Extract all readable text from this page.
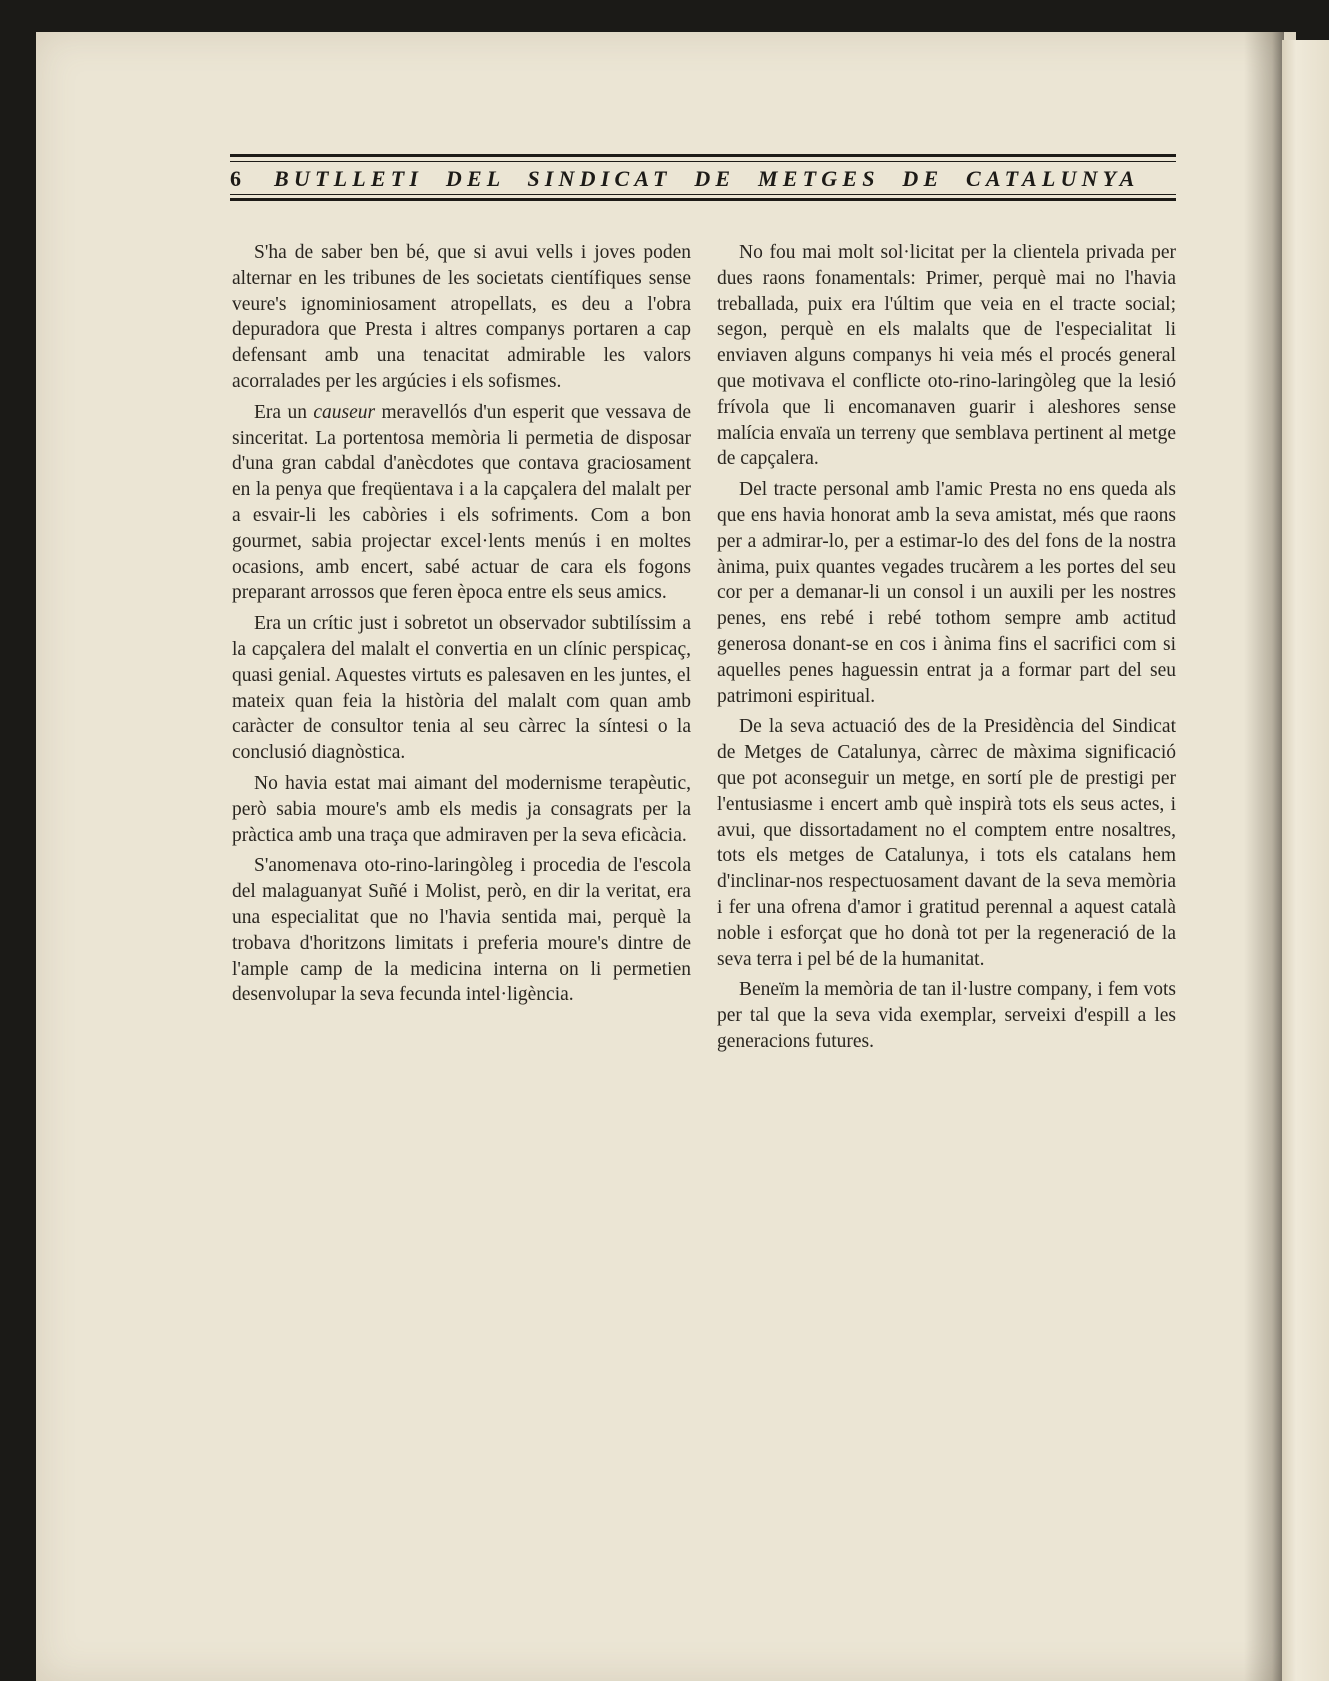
6	BUTLLETI DEL SINDICAT DE METGES DE CATALUNYA

S'ha de saber ben bé, que si avui vells i joves poden alternar en les tribunes de les societats científiques sense veure's ignominiosament atropellats, es deu a l'obra depuradora que Presta i altres companys portaren a cap defensant amb una tenacitat admirable les valors acorralades per les argúcies i els sofismes.

Era un causeur meravellós d'un esperit que vessava de sinceritat. La portentosa memòria li permetia de disposar d'una gran cabdal d'anècdotes que contava graciosament en la penya que freqüentava i a la capçalera del malalt per a esvair-li les cabòries i els sofriments. Com a bon gourmet, sabia projectar excel·lents menús i en moltes ocasions, amb encert, sabé actuar de cara els fogons preparant arrossos que feren època entre els seus amics.

Era un crític just i sobretot un observador subtilíssim a la capçalera del malalt el convertia en un clínic perspicaç, quasi genial. Aquestes virtuts es palesaven en les juntes, el mateix quan feia la història del malalt com quan amb caràcter de consultor tenia al seu càrrec la síntesi o la conclusió diagnòstica.

No havia estat mai aimant del modernisme terapèutic, però sabia moure's amb els medis ja consagrats per la pràctica amb una traça que admiraven per la seva eficàcia.

S'anomenava oto-rino-laringòleg i procedia de l'escola del malaguanyat Suñé i Molist, però, en dir la veritat, era una especialitat que no l'havia sentida mai, perquè la trobava d'horitzons limitats i preferia moure's dintre de l'ample camp de la medicina interna on li permetien desenvolupar la seva fecunda intel·ligència.

No fou mai molt sol·licitat per la clientela privada per dues raons fonamentals: Primer, perquè mai no l'havia treballada, puix era l'últim que veia en el tracte social; segon, perquè en els malalts que de l'especialitat li enviaven alguns companys hi veia més el procés general que motivava el conflicte oto-rino-laringòleg que la lesió frívola que li encomanaven guarir i aleshores sense malícia envaïa un terreny que semblava pertinent al metge de capçalera.

Del tracte personal amb l'amic Presta no ens queda als que ens havia honorat amb la seva amistat, més que raons per a admirar-lo, per a estimar-lo des del fons de la nostra ànima, puix quantes vegades trucàrem a les portes del seu cor per a demanar-li un consol i un auxili per les nostres penes, ens rebé i rebé tothom sempre amb actitud generosa donant-se en cos i ànima fins el sacrifici com si aquelles penes haguessin entrat ja a formar part del seu patrimoni espiritual.

De la seva actuació des de la Presidència del Sindicat de Metges de Catalunya, càrrec de màxima significació que pot aconseguir un metge, en sortí ple de prestigi per l'entusiasme i encert amb què inspirà tots els seus actes, i avui, que dissortadament no el comptem entre nosaltres, tots els metges de Catalunya, i tots els catalans hem d'inclinar-nos respectuosament davant de la seva memòria i fer una ofrena d'amor i gratitud perennal a aquest català noble i esforçat que ho donà tot per la regeneració de la seva terra i pel bé de la humanitat.

Beneïm la memòria de tan il·lustre company, i fem vots per tal que la seva vida exemplar, serveixi d'espill a les generacions futures.
